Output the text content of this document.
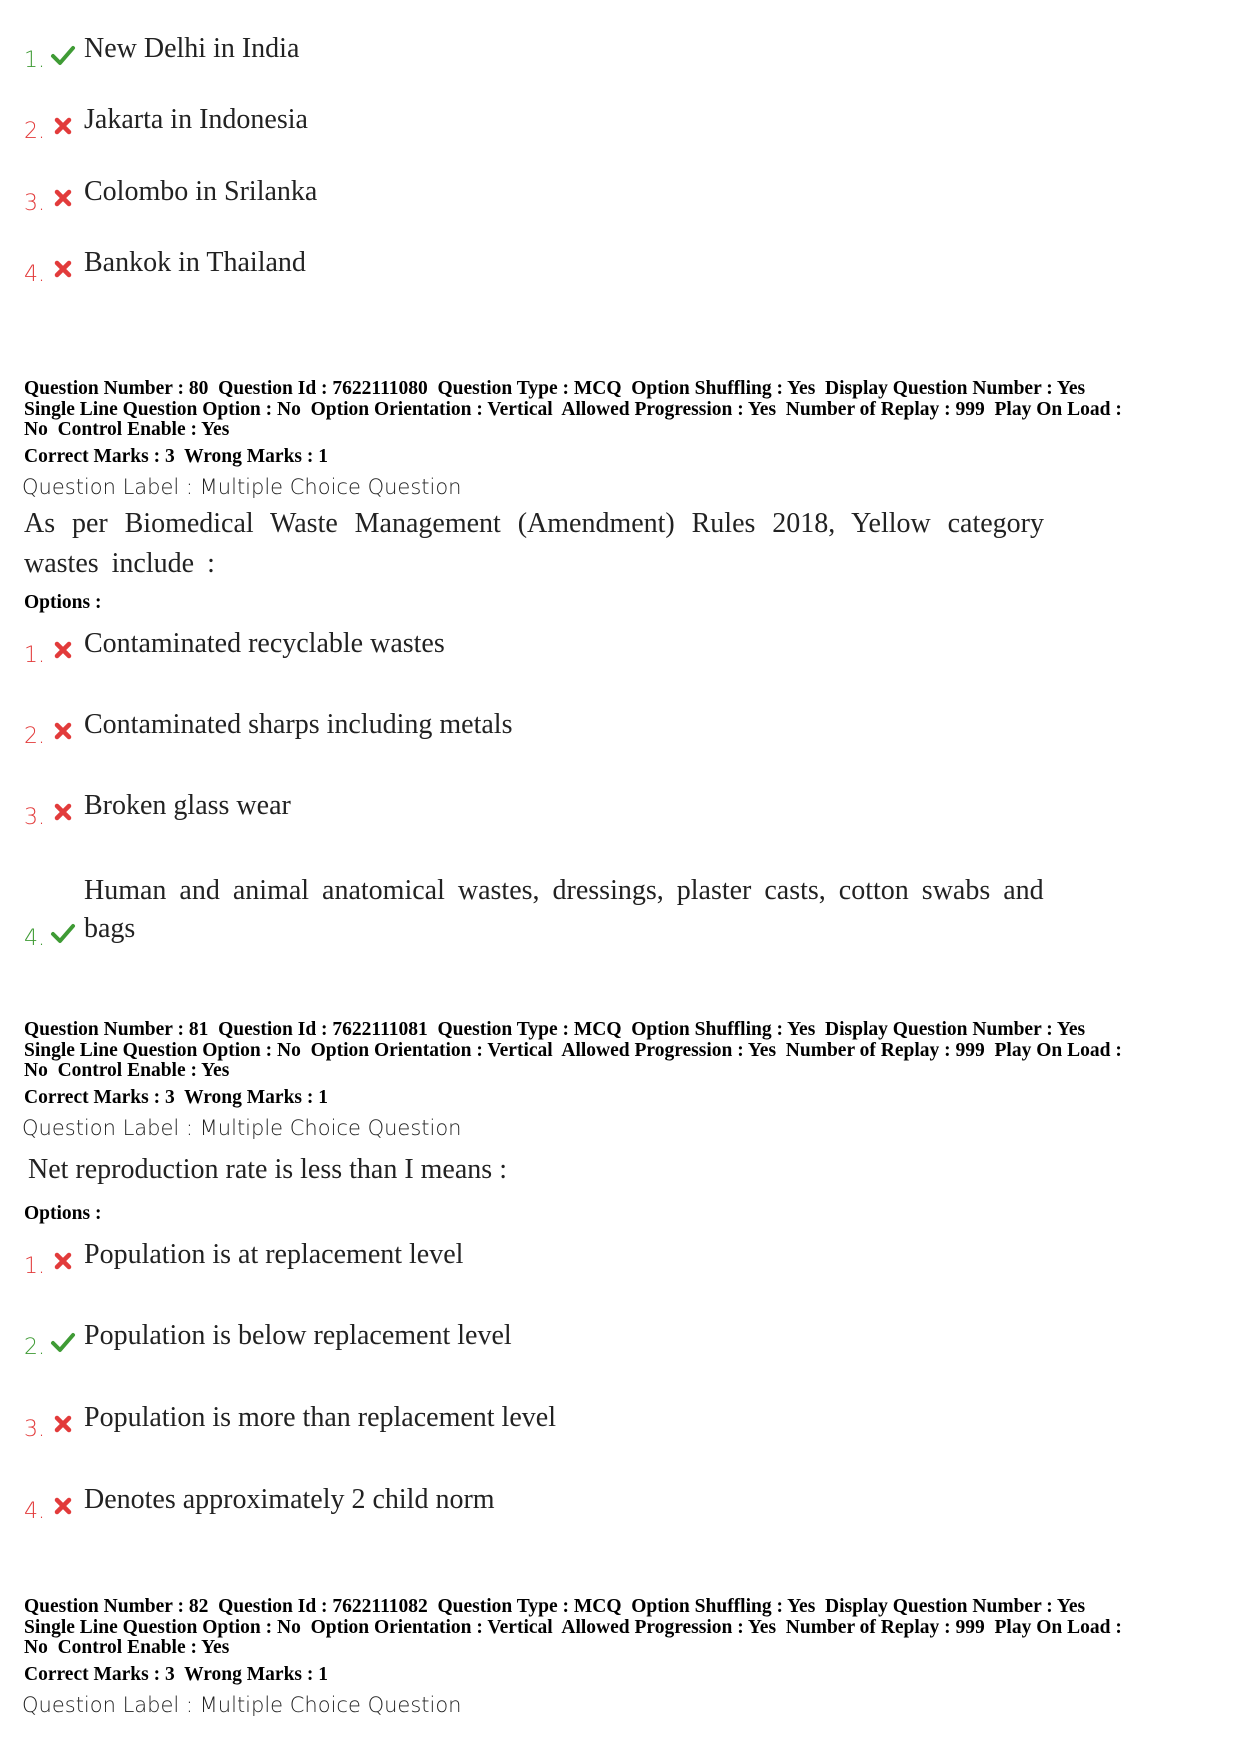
1. New Delhi in India
2. Jakarta in Indonesia
3. Colombo in Srilanka
4. Bankok in Thailand
Question Number : 80  Question Id : 7622111080  Question Type : MCQ  Option Shuffling : Yes  Display Question Number : Yes
Single Line Question Option : No  Option Orientation : Vertical  Allowed Progression : Yes  Number of Replay : 999  Play On Load :
No  Control Enable : Yes
Correct Marks : 3  Wrong Marks : 1
Question Label : Multiple Choice Question
As per Biomedical Waste Management (Amendment) Rules 2018, Yellow category wastes include :
Options :
1. Contaminated recyclable wastes
2. Contaminated sharps including metals
3. Broken glass wear
4.
Human and animal anatomical wastes, dressings, plaster casts, cotton swabs and bags
Question Number : 81  Question Id : 7622111081  Question Type : MCQ  Option Shuffling : Yes  Display Question Number : Yes
Single Line Question Option : No  Option Orientation : Vertical  Allowed Progression : Yes  Number of Replay : 999  Play On Load :
No  Control Enable : Yes
Correct Marks : 3  Wrong Marks : 1
Question Label : Multiple Choice Question
Net reproduction rate is less than I means :
Options :
1. Population is at replacement level
2. Population is below replacement level
3. Population is more than replacement level
4. Denotes approximately 2 child norm
Question Number : 82  Question Id : 7622111082  Question Type : MCQ  Option Shuffling : Yes  Display Question Number : Yes
Single Line Question Option : No  Option Orientation : Vertical  Allowed Progression : Yes  Number of Replay : 999  Play On Load :
No  Control Enable : Yes
Correct Marks : 3  Wrong Marks : 1
Question Label : Multiple Choice Question
